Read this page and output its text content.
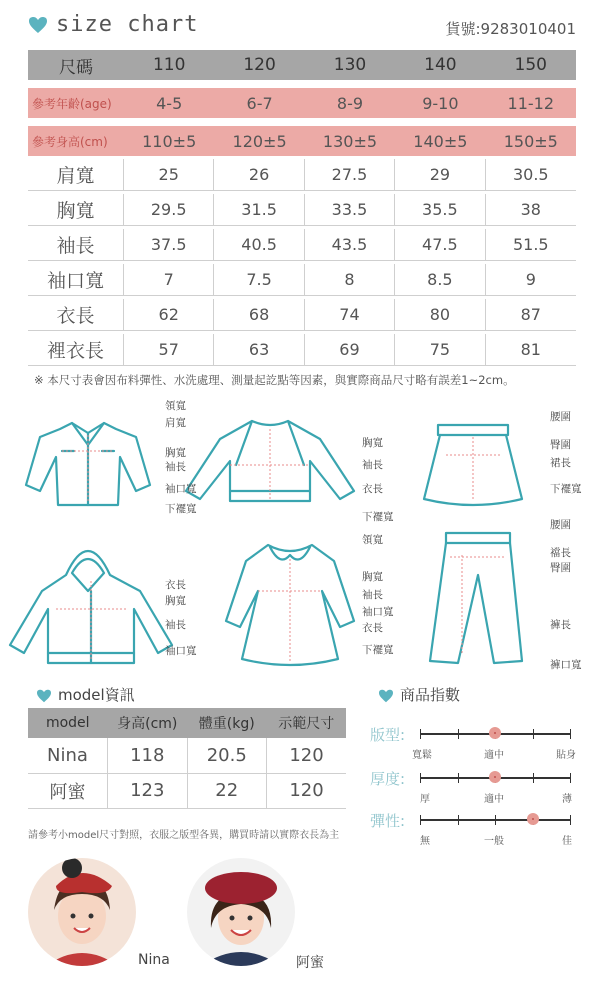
size chart	貨號:9283010401
尺碼	110	120	130	140	150

參考年齡(age)	4-5	6-7	8-9	9-10	11-12

參考身高(cm)	110±5	120±5	130±5	140±5	150±5
肩寬	25	26	27.5	29	30.5
胸寬	29.5	31.5	33.5	35.5	38
袖長	37.5	40.5	43.5	47.5	51.5
袖口寬	7	7.5	8	8.5	9
衣長	62	68	74	80	87
裡衣長	57	63	69	75	81
※ 本尺寸表會因布料彈性、水洗處理、測量起訖點等因素，與實際商品尺寸略有誤差1~2cm。
領寬
肩寬
胸寬
袖長
袖口寬
下襬寬
胸寬
袖長
衣長
下襬寬
腰圍
臀圍
裙長
下襬寬
衣長
胸寬
袖長
袖口寬
領寬
胸寬
袖長
袖口寬
衣長
下襬寬
腰圍
襠長
臀圍
褲長
褲口寬
model資訊
model	身高(cm)	體重(kg)	示範尺寸
Nina	118	20.5	120
阿蜜	123	22	120
請參考小model尺寸對照，衣服之版型各異，購買時請以實際衣長為主
商品指數
版型:
寬鬆	適中	貼身
厚度:
厚	適中	薄
彈性:
無	一般	佳
Nina	阿蜜
